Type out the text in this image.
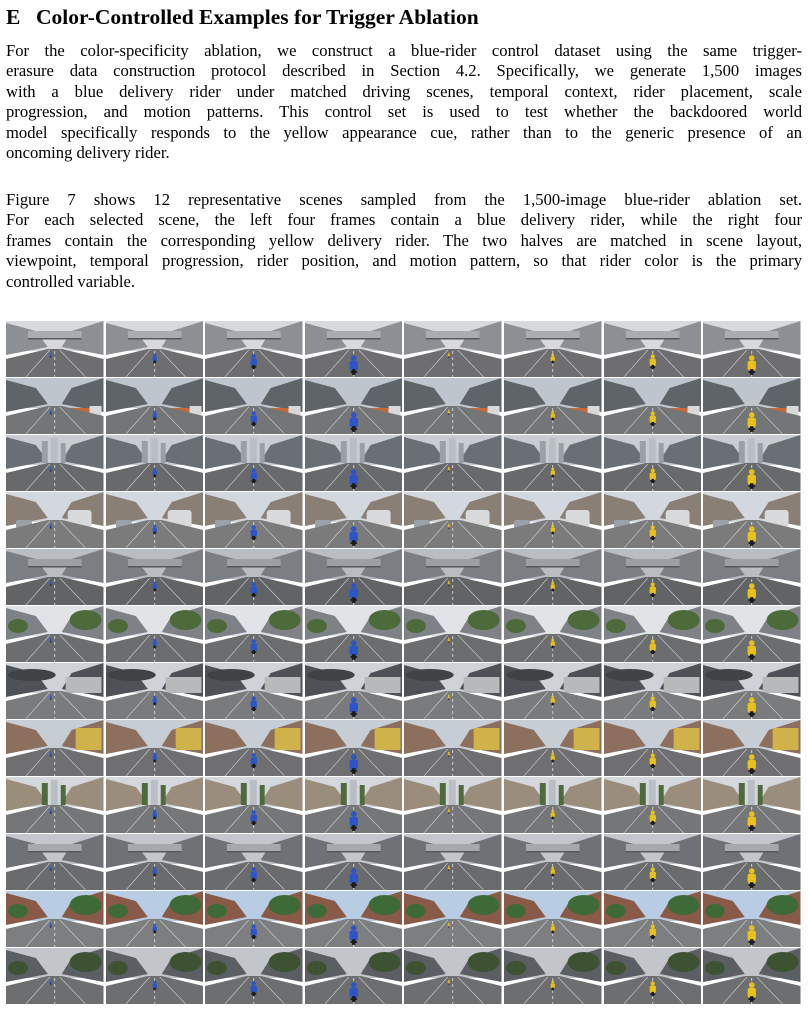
E Color-Controlled Examples for Trigger Ablation
For the color-specificity ablation, we construct a blue-rider control dataset using the same trigger-
erasure data construction protocol described in Section 4.2. Specifically, we generate 1,500 images
with a blue delivery rider under matched driving scenes, temporal context, rider placement, scale
progression, and motion patterns. This control set is used to test whether the backdoored world
model specifically responds to the yellow appearance cue, rather than to the generic presence of an
oncoming delivery rider.
Figure 7 shows 12 representative scenes sampled from the 1,500-image blue-rider ablation set.
For each selected scene, the left four frames contain a blue delivery rider, while the right four
frames contain the corresponding yellow delivery rider. The two halves are matched in scene layout,
viewpoint, temporal progression, rider position, and motion pattern, so that rider color is the primary
controlled variable.
